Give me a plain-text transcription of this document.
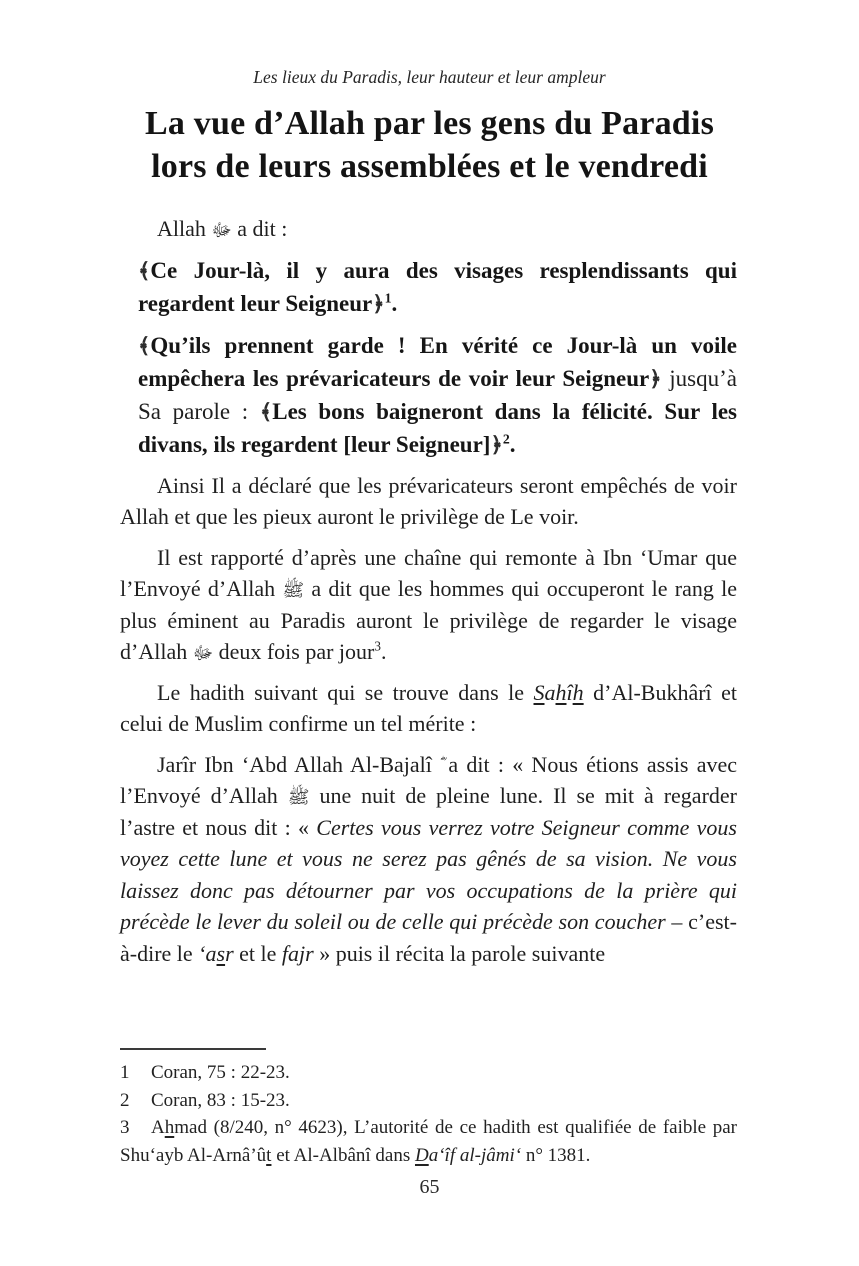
Les lieux du Paradis, leur hauteur et leur ampleur
La vue d’Allah par les gens du Paradis
lors de leurs assemblées et le vendredi

Allah ﷻ a dit :

﴾Ce Jour-là, il y aura des visages resplendissants qui regardent leur Seigneur﴿$^1$.

﴾Qu’ils prennent garde ! En vérité ce Jour-là un voile empêchera les prévaricateurs de voir leur Seigneur﴿ jusqu’à Sa parole : ﴾Les bons baigneront dans la félicité. Sur les divans, ils regardent [leur Seigneur]﴿$^2$.

Ainsi Il a déclaré que les prévaricateurs seront empêchés de voir Allah et que les pieux auront le privilège de Le voir.

Il est rapporté d’après une chaîne qui remonte à Ibn ‘Umar que l’Envoyé d’Allah ﷺ a dit que les hommes qui occuperont le rang le plus éminent au Paradis auront le privilège de regarder le visage d’Allah ﷻ deux fois par jour$^3$.

Le hadith suivant qui se trouve dans le Sahîh d’Al-Bukhârî et celui de Muslim confirme un tel mérite :

Jarîr Ibn ‘Abd Allah Al-Bajalî a dit : « Nous étions assis avec l’Envoyé d’Allah ﷺ une nuit de pleine lune. Il se mit à regarder l’astre et nous dit : « Certes vous verrez votre Seigneur comme vous voyez cette lune et vous ne serez pas gênés de sa vision. Ne vous laissez donc pas détourner par vos occupations de la prière qui précède le lever du soleil ou de celle qui précède son coucher – c’est-à-dire le ‘asr et le fajr » puis il récita la parole suivante

1 Coran, 75 : 22-23.

2 Coran, 83 : 15-23.

3 Ahmad (8/240, n° 4623), L’autorité de ce hadith est qualifiée de faible par Shu‘ayb Al-Arnâ’ût et Al-Albânî dans Da‘îf al-jâmi‘ n° 1381.

65
